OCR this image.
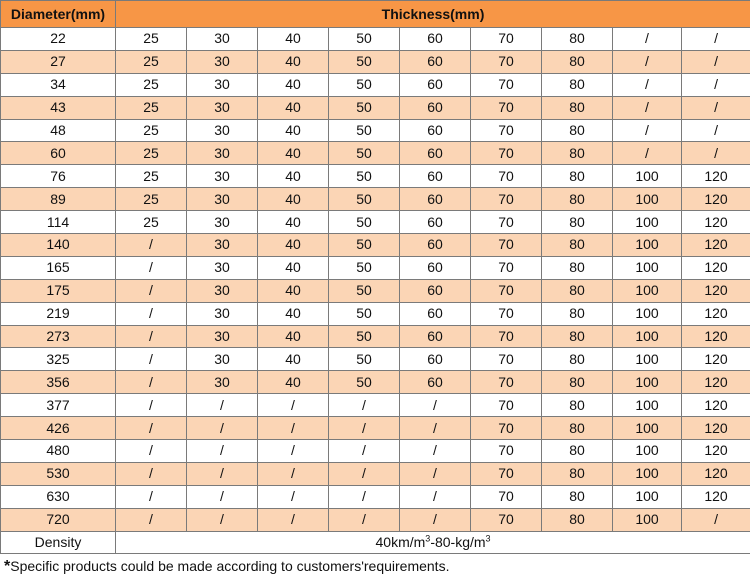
Diameter(mm)	Thickness(mm)								
22	25	30	40	50	60	70	80	/	/
27	25	30	40	50	60	70	80	/	/
34	25	30	40	50	60	70	80	/	/
43	25	30	40	50	60	70	80	/	/
48	25	30	40	50	60	70	80	/	/
60	25	30	40	50	60	70	80	/	/
76	25	30	40	50	60	70	80	100	120
89	25	30	40	50	60	70	80	100	120
114	25	30	40	50	60	70	80	100	120
140	/	30	40	50	60	70	80	100	120
165	/	30	40	50	60	70	80	100	120
175	/	30	40	50	60	70	80	100	120
219	/	30	40	50	60	70	80	100	120
273	/	30	40	50	60	70	80	100	120
325	/	30	40	50	60	70	80	100	120
356	/	30	40	50	60	70	80	100	120
377	/	/	/	/	/	70	80	100	120
426	/	/	/	/	/	70	80	100	120
480	/	/	/	/	/	70	80	100	120
530	/	/	/	/	/	70	80	100	120
630	/	/	/	/	/	70	80	100	120
720	/	/	/	/	/	70	80	100	/
Density	$40km/m^3-80-kg/m^3$
*Specific products could be made according to customers'requirements.
